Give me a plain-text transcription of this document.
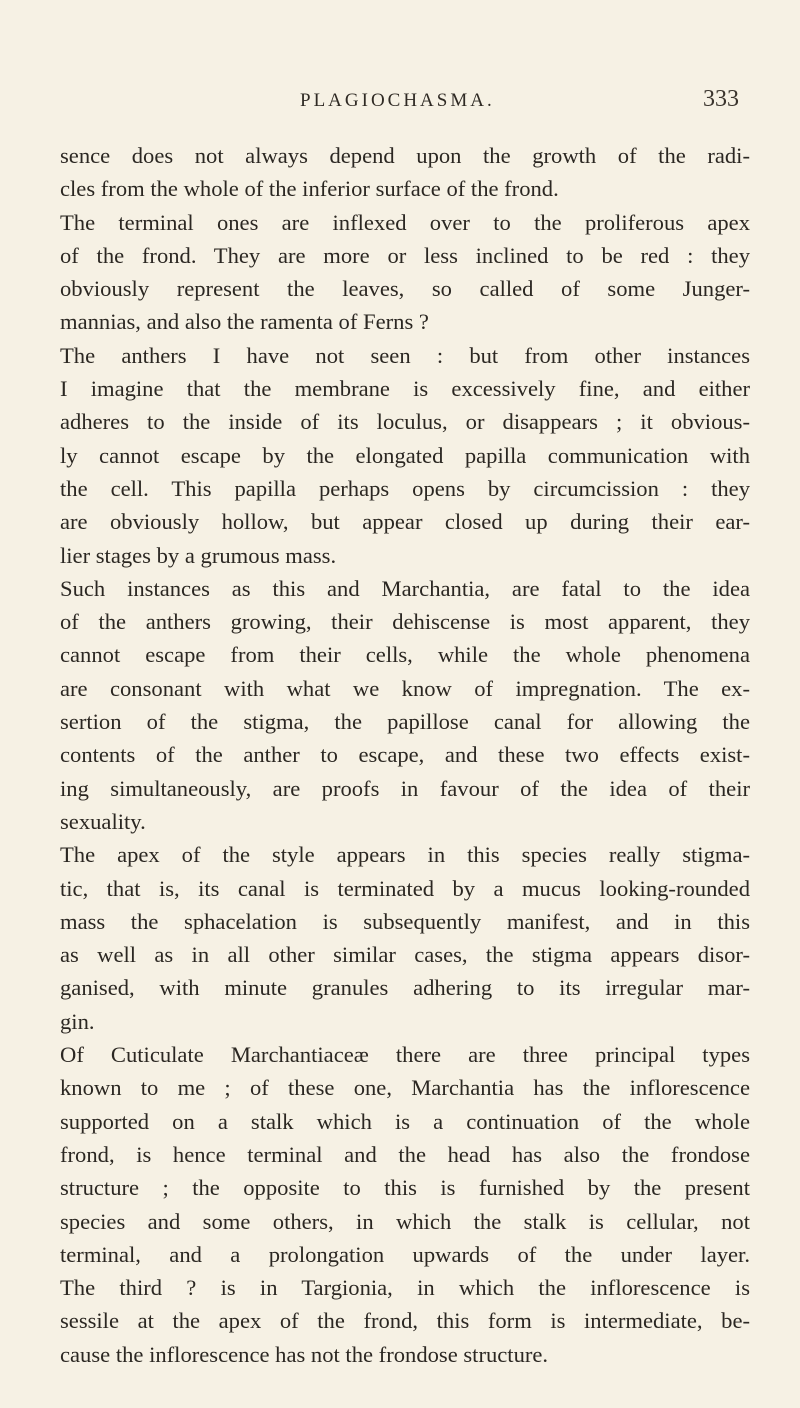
PLAGIOCHASMA.	333
sence does not always depend upon the growth of the radi-
cles from the whole of the inferior surface of the frond.
The terminal ones are inflexed over to the proliferous apex
of the frond. They are more or less inclined to be red : they
obviously represent the leaves, so called of some Junger-
mannias, and also the ramenta of Ferns ?
The anthers I have not seen : but from other instances
I imagine that the membrane is excessively fine, and either
adheres to the inside of its loculus, or disappears ; it obvious-
ly cannot escape by the elongated papilla communication with
the cell. This papilla perhaps opens by circumcission : they
are obviously hollow, but appear closed up during their ear-
lier stages by a grumous mass.
Such instances as this and Marchantia, are fatal to the idea
of the anthers growing, their dehiscense is most apparent, they
cannot escape from their cells, while the whole phenomena
are consonant with what we know of impregnation. The ex-
sertion of the stigma, the papillose canal for allowing the
contents of the anther to escape, and these two effects exist-
ing simultaneously, are proofs in favour of the idea of their
sexuality.
The apex of the style appears in this species really stigma-
tic, that is, its canal is terminated by a mucus looking-rounded
mass the sphacelation is subsequently manifest, and in this
as well as in all other similar cases, the stigma appears disor-
ganised, with minute granules adhering to its irregular mar-
gin.
Of Cuticulate Marchantiaceæ there are three principal types
known to me ; of these one, Marchantia has the inflorescence
supported on a stalk which is a continuation of the whole
frond, is hence terminal and the head has also the frondose
structure ; the opposite to this is furnished by the present
species and some others, in which the stalk is cellular, not
terminal, and a prolongation upwards of the under layer.
The third ? is in Targionia, in which the inflorescence is
sessile at the apex of the frond, this form is intermediate, be-
cause the inflorescence has not the frondose structure.
